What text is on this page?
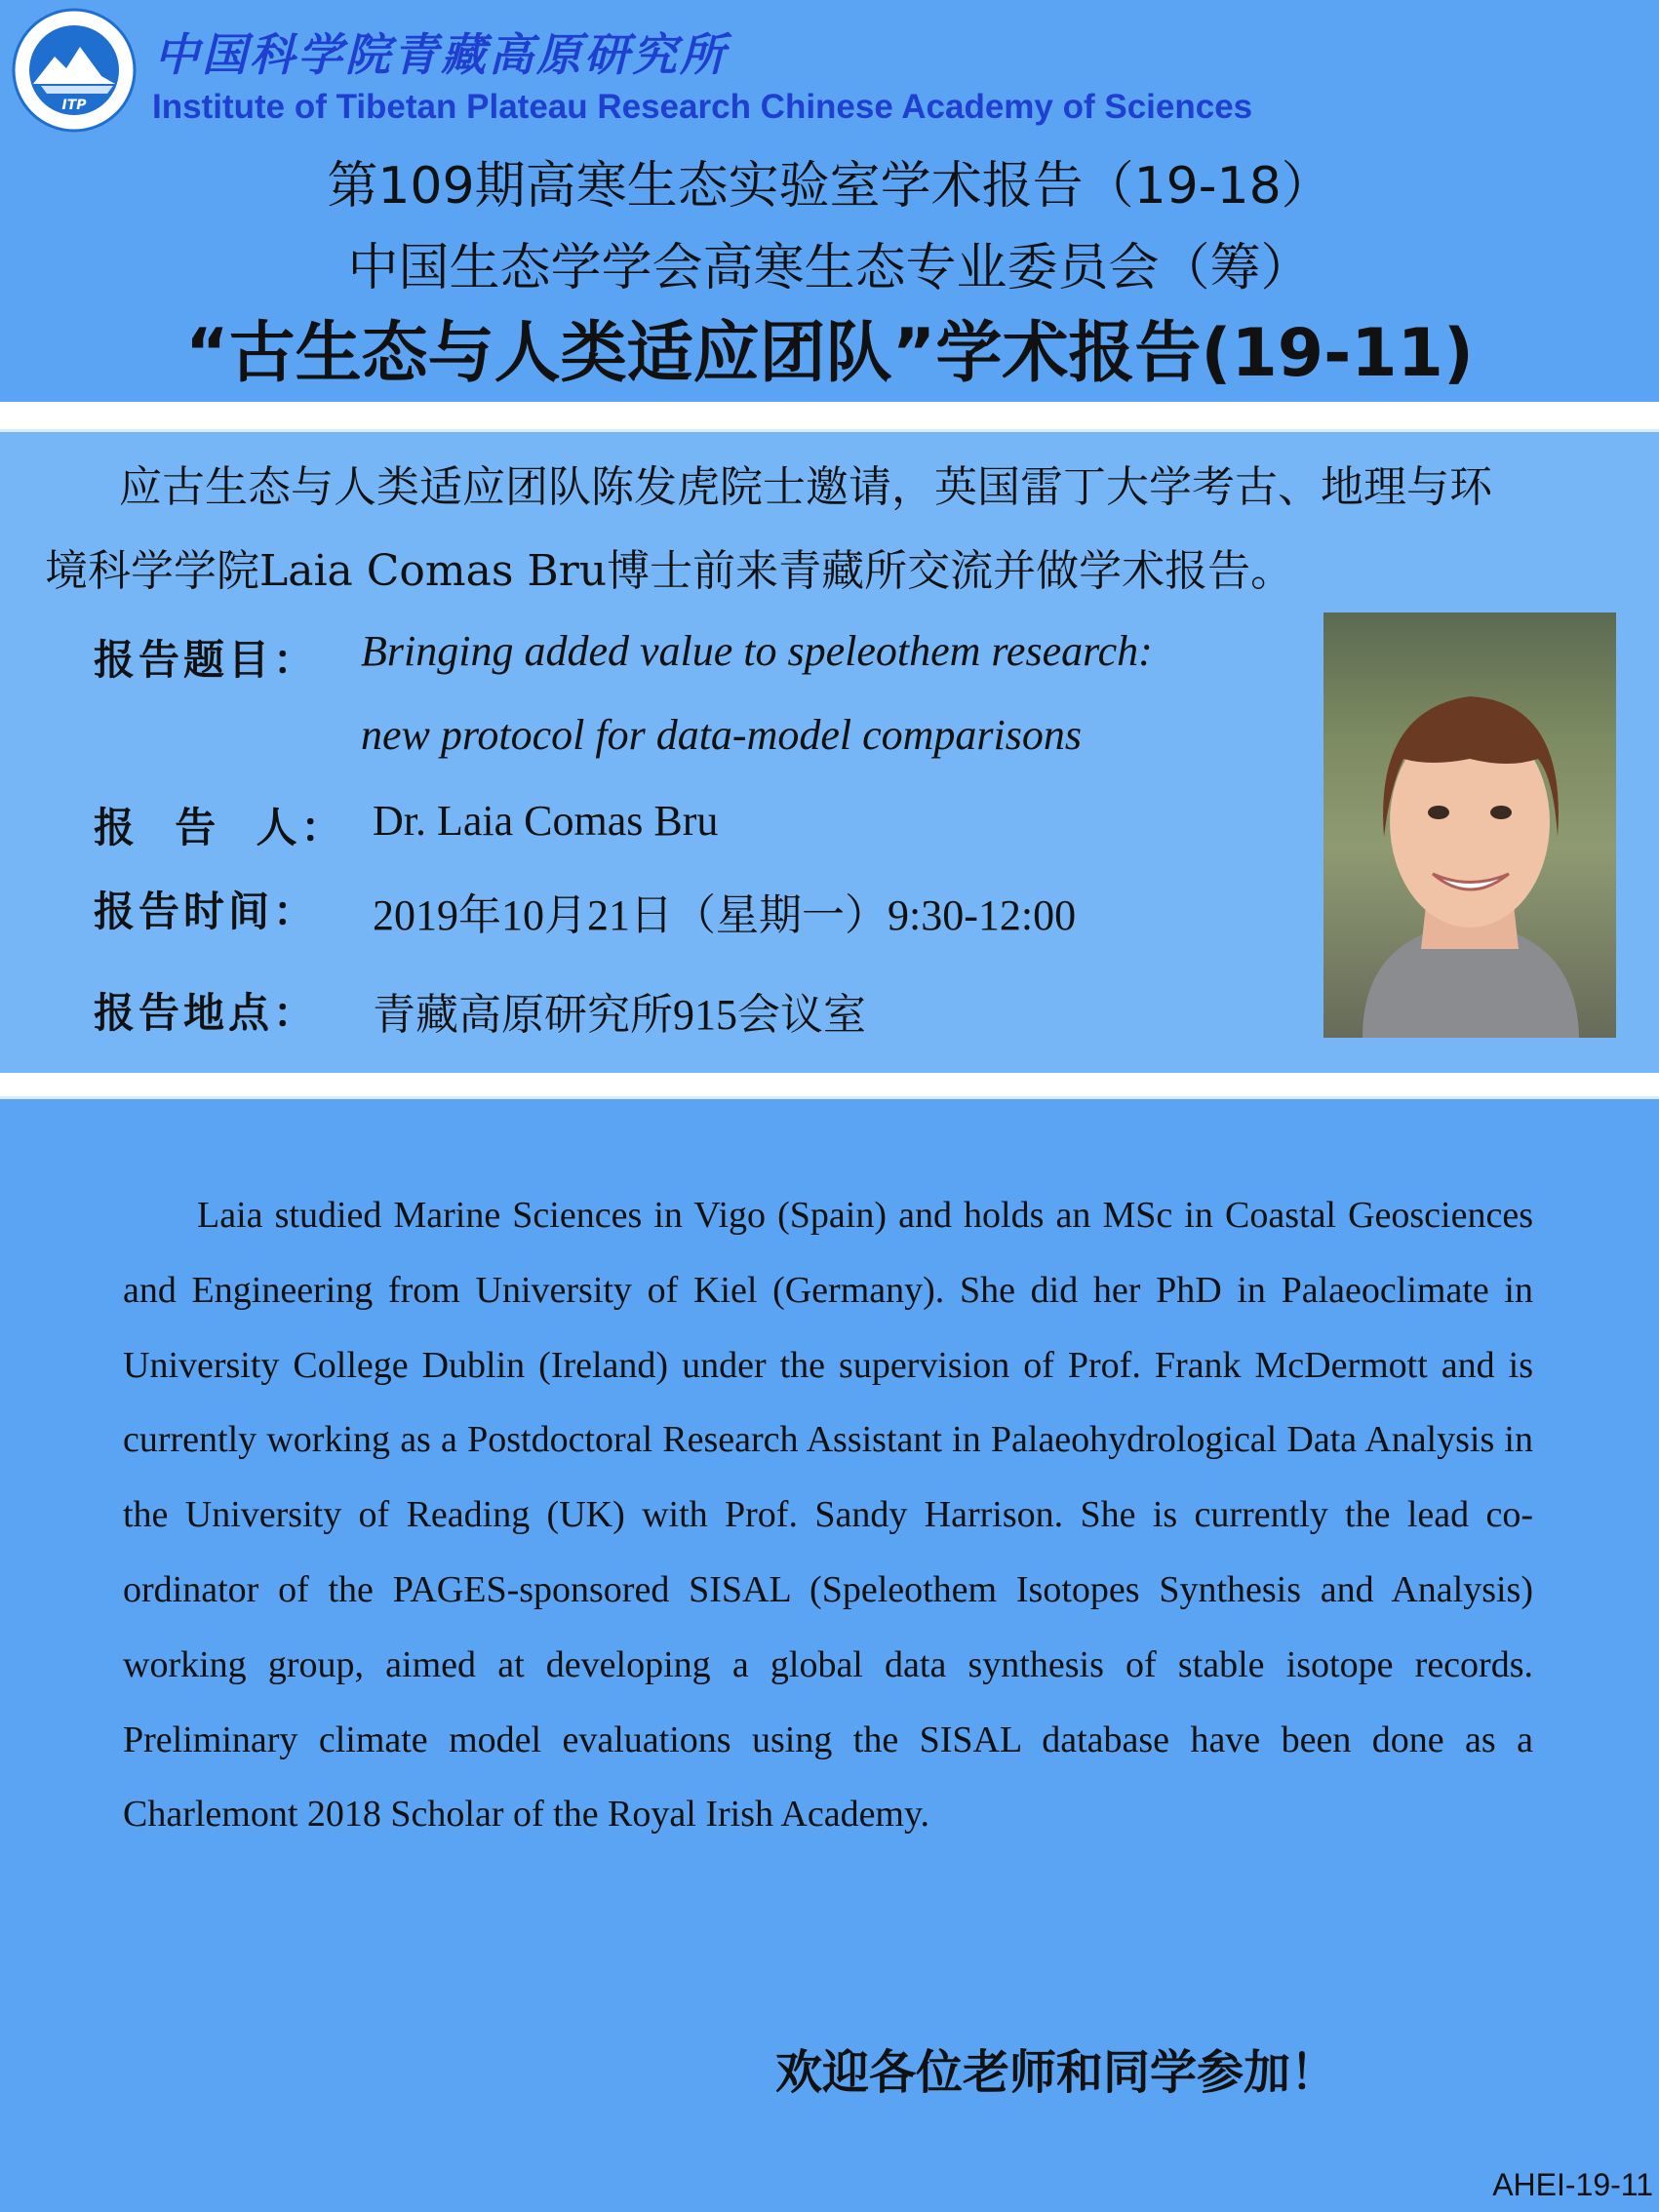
ITP
中国科学院青藏高原研究所
Institute of Tibetan Plateau Research Chinese Academy of Sciences
第109期高寒生态实验室学术报告（19-18）
中国生态学学会高寒生态专业委员会（筹）
“古生态与人类适应团队”学术报告(19-11)
应古生态与人类适应团队陈发虎院士邀请，英国雷丁大学考古、地理与环
境科学学院Laia Comas Bru博士前来青藏所交流并做学术报告。
报告题目： Bringing added value to speleothem research:
new protocol for data-model comparisons
报  告  人： Dr. Laia Comas Bru
报告时间： 2019年10月21日（星期一）9:30-12:00
报告地点： 青藏高原研究所915会议室
Laia studied Marine Sciences in Vigo (Spain) and holds an MSc in Coastal Geosciences and Engineering from University of Kiel (Germany). She did her PhD in Palaeoclimate in University College Dublin (Ireland) under the supervision of Prof. Frank McDermott and is currently working as a Postdoctoral Research Assistant in Palaeohydrological Data Analysis in the University of Reading (UK) with Prof. Sandy Harrison. She is currently the lead co-ordinator of the PAGES-sponsored SISAL (Speleothem Isotopes Synthesis and Analysis) working group, aimed at developing a global data synthesis of stable isotope records. Preliminary climate model evaluations using the SISAL database have been done as a Charlemont 2018 Scholar of the Royal Irish Academy.
欢迎各位老师和同学参加！
AHEI-19-11
